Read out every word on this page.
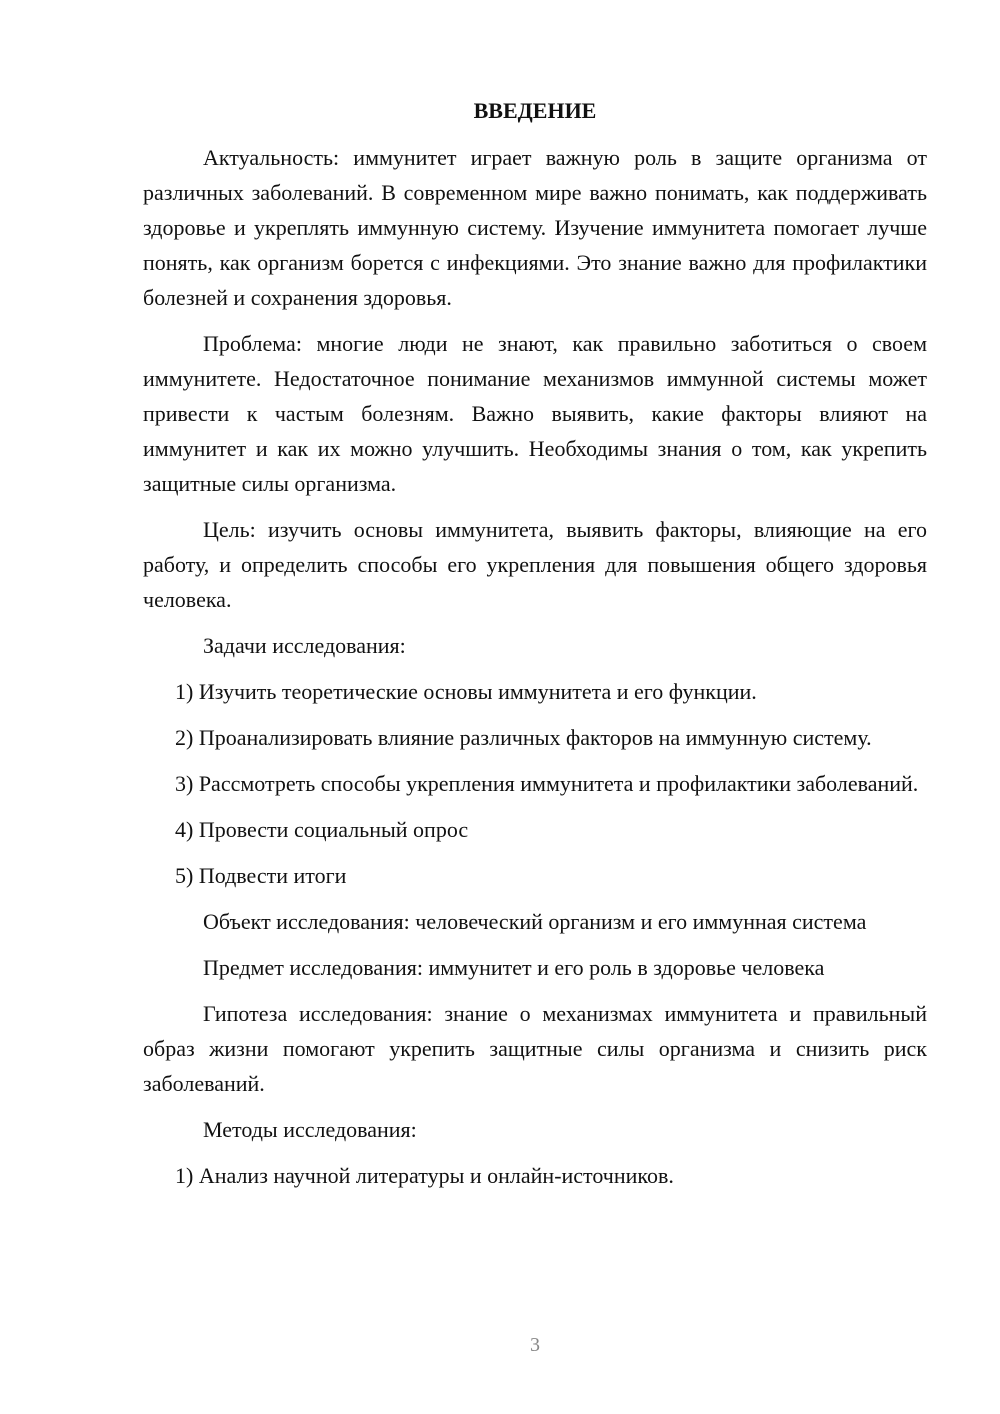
ВВЕДЕНИЕ

Актуальность: иммунитет играет важную роль в защите организма от различных заболеваний. В современном мире важно понимать, как поддерживать здоровье и укреплять иммунную систему. Изучение иммунитета помогает лучше понять, как организм борется с инфекциями. Это знание важно для профилактики болезней и сохранения здоровья.

Проблема: многие люди не знают, как правильно заботиться о своем иммунитете. Недостаточное понимание механизмов иммунной системы может привести к частым болезням. Важно выявить, какие факторы влияют на иммунитет и как их можно улучшить. Необходимы знания о том, как укрепить защитные силы организма.

Цель: изучить основы иммунитета, выявить факторы, влияющие на его работу, и определить способы его укрепления для повышения общего здоровья человека.

Задачи исследования:

1) Изучить теоретические основы иммунитета и его функции.

2) Проанализировать влияние различных факторов на иммунную систему.

3) Рассмотреть способы укрепления иммунитета и профилактики заболеваний.

4) Провести социальный опрос

5) Подвести итоги

Объект исследования: человеческий организм и его иммунная система

Предмет исследования: иммунитет и его роль в здоровье человека

Гипотеза исследования: знание о механизмах иммунитета и правильный образ жизни помогают укрепить защитные силы организма и снизить риск заболеваний.

Методы исследования:

1) Анализ научной литературы и онлайн-источников.

3
